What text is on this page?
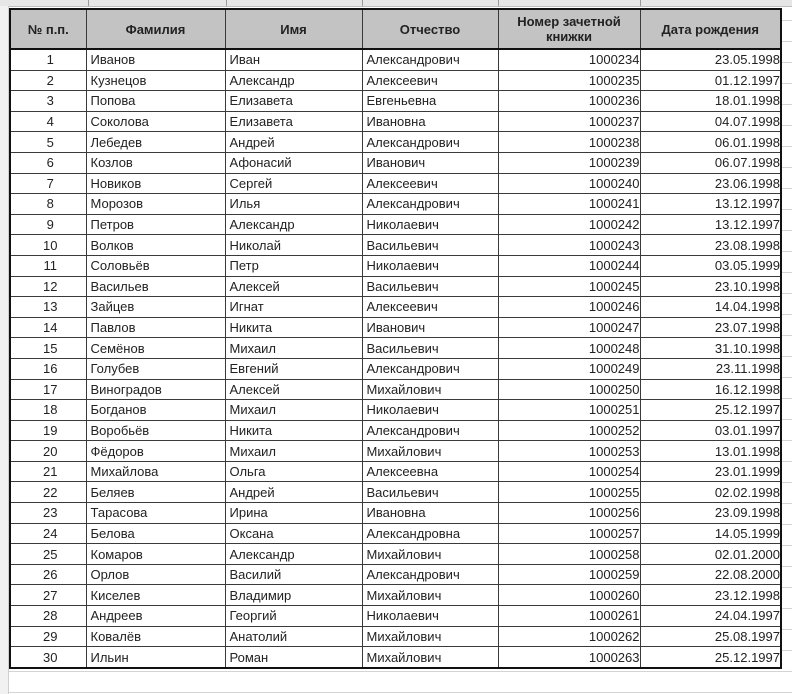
№ п.п.	Фамилия	Имя	Отчество	Номер зачетной книжки	Дата рождения
1	Иванов	Иван	Александрович	1000234	23.05.1998
2	Кузнецов	Александр	Алексеевич	1000235	01.12.1997
3	Попова	Елизавета	Евгеньевна	1000236	18.01.1998
4	Соколова	Елизавета	Ивановна	1000237	04.07.1998
5	Лебедев	Андрей	Александрович	1000238	06.01.1998
6	Козлов	Афонасий	Иванович	1000239	06.07.1998
7	Новиков	Сергей	Алексеевич	1000240	23.06.1998
8	Морозов	Илья	Александрович	1000241	13.12.1997
9	Петров	Александр	Николаевич	1000242	13.12.1997
10	Волков	Николай	Васильевич	1000243	23.08.1998
11	Соловьёв	Петр	Николаевич	1000244	03.05.1999
12	Васильев	Алексей	Васильевич	1000245	23.10.1998
13	Зайцев	Игнат	Алексеевич	1000246	14.04.1998
14	Павлов	Никита	Иванович	1000247	23.07.1998
15	Семёнов	Михаил	Васильевич	1000248	31.10.1998
16	Голубев	Евгений	Александрович	1000249	23.11.1998
17	Виноградов	Алексей	Михайлович	1000250	16.12.1998
18	Богданов	Михаил	Николаевич	1000251	25.12.1997
19	Воробьёв	Никита	Александрович	1000252	03.01.1997
20	Фёдоров	Михаил	Михайлович	1000253	13.01.1998
21	Михайлова	Ольга	Алексеевна	1000254	23.01.1999
22	Беляев	Андрей	Васильевич	1000255	02.02.1998
23	Тарасова	Ирина	Ивановна	1000256	23.09.1998
24	Белова	Оксана	Александровна	1000257	14.05.1999
25	Комаров	Александр	Михайлович	1000258	02.01.2000
26	Орлов	Василий	Александрович	1000259	22.08.2000
27	Киселев	Владимир	Михайлович	1000260	23.12.1998
28	Андреев	Георгий	Николаевич	1000261	24.04.1997
29	Ковалёв	Анатолий	Михайлович	1000262	25.08.1997
30	Ильин	Роман	Михайлович	1000263	25.12.1997
